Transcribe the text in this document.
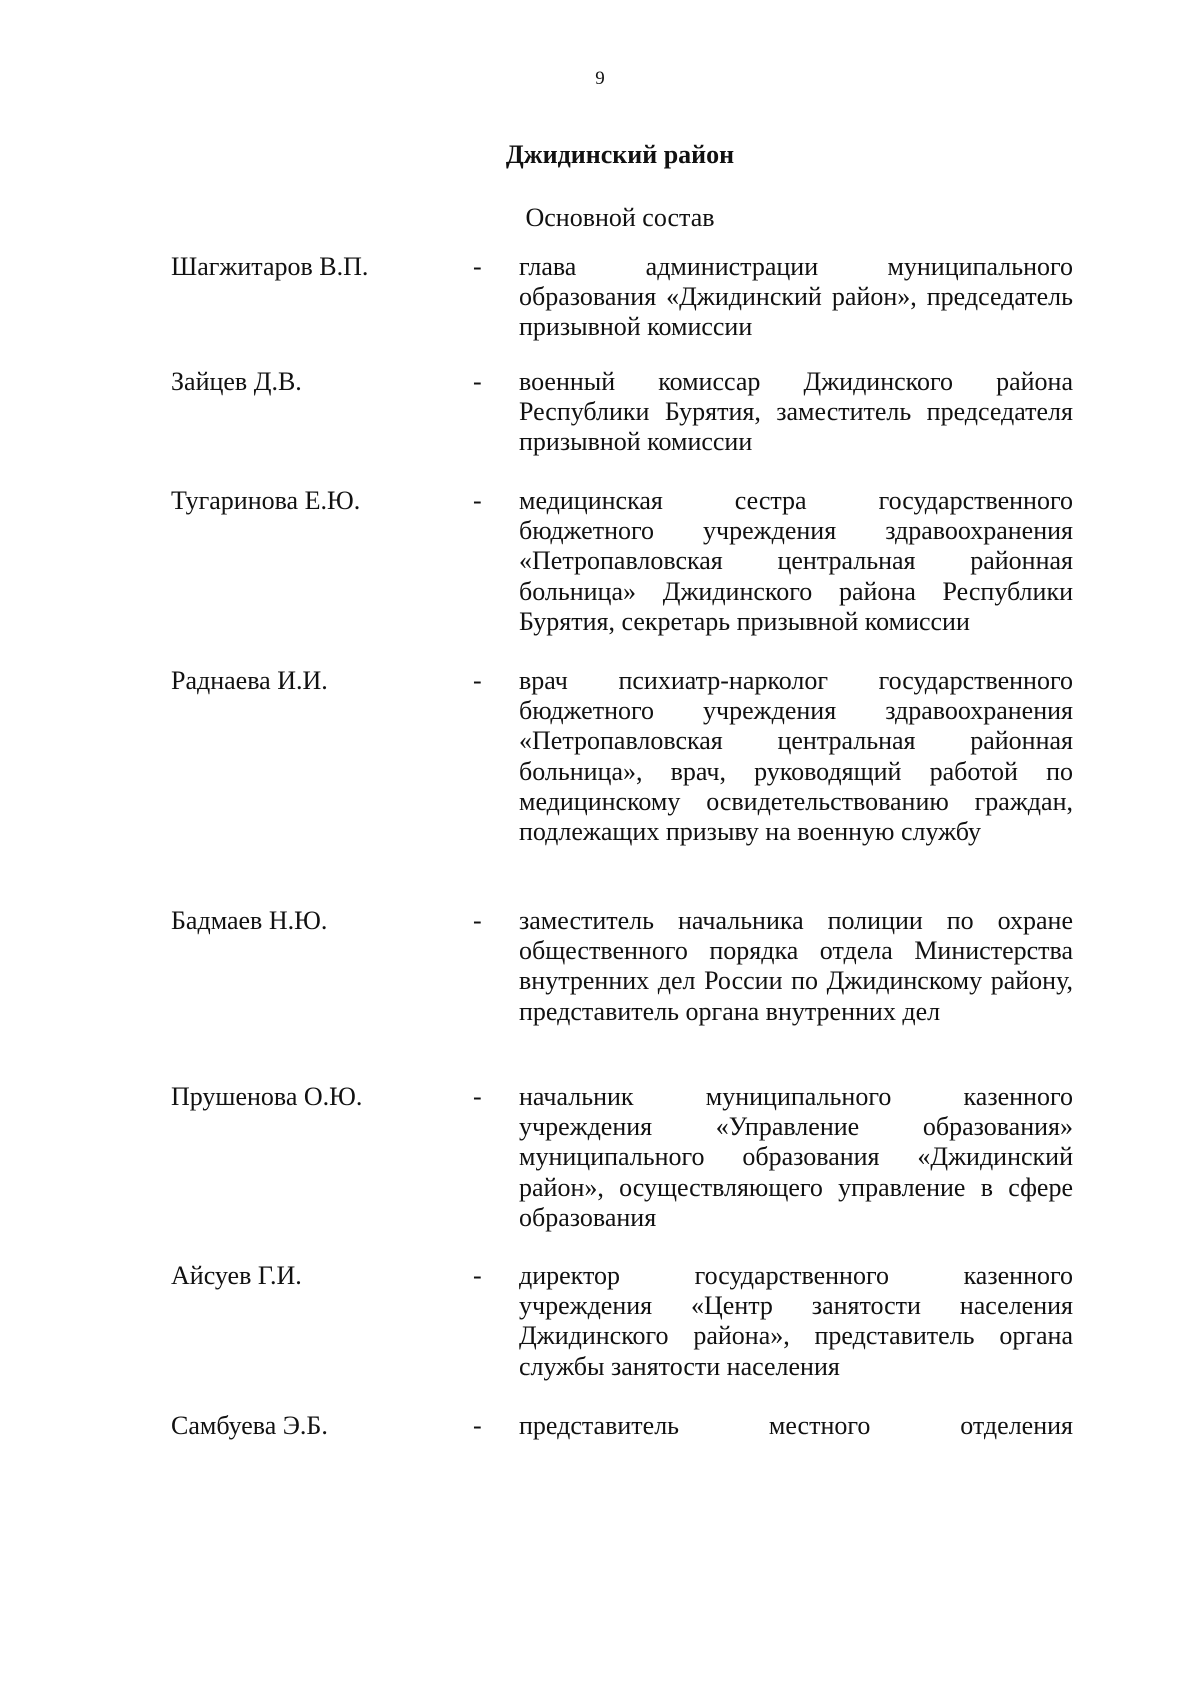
9
Джидинский район
Основной состав
Шагжитаров В.П.	- глава администрации муниципального образования «Джидинский район», председатель призывной комиссии
Зайцев Д.В.	- военный комиссар Джидинского района Республики Бурятия, заместитель председателя призывной комиссии
Тугаринова Е.Ю.	- медицинская сестра государственного бюджетного учреждения здравоохранения «Петропавловская центральная районная больница» Джидинского района Республики Бурятия, секретарь призывной комиссии
Раднаева И.И.	- врач психиатр-нарколог государственного бюджетного учреждения здравоохранения «Петропавловская центральная районная больница», врач, руководящий работой по медицинскому освидетельствованию граждан, подлежащих призыву на военную службу
Бадмаев Н.Ю.	- заместитель начальника полиции по охране общественного порядка отдела Министерства внутренних дел России по Джидинскому району, представитель органа внутренних дел
Прушенова О.Ю.	- начальник муниципального казенного учреждения «Управление образования» муниципального образования «Джидинский район», осуществляющего управление в сфере образования
Айсуев Г.И.	- директор государственного казенного учреждения «Центр занятости населения Джидинского района», представитель органа службы занятости населения
Самбуева Э.Б.	- представитель местного отделения
